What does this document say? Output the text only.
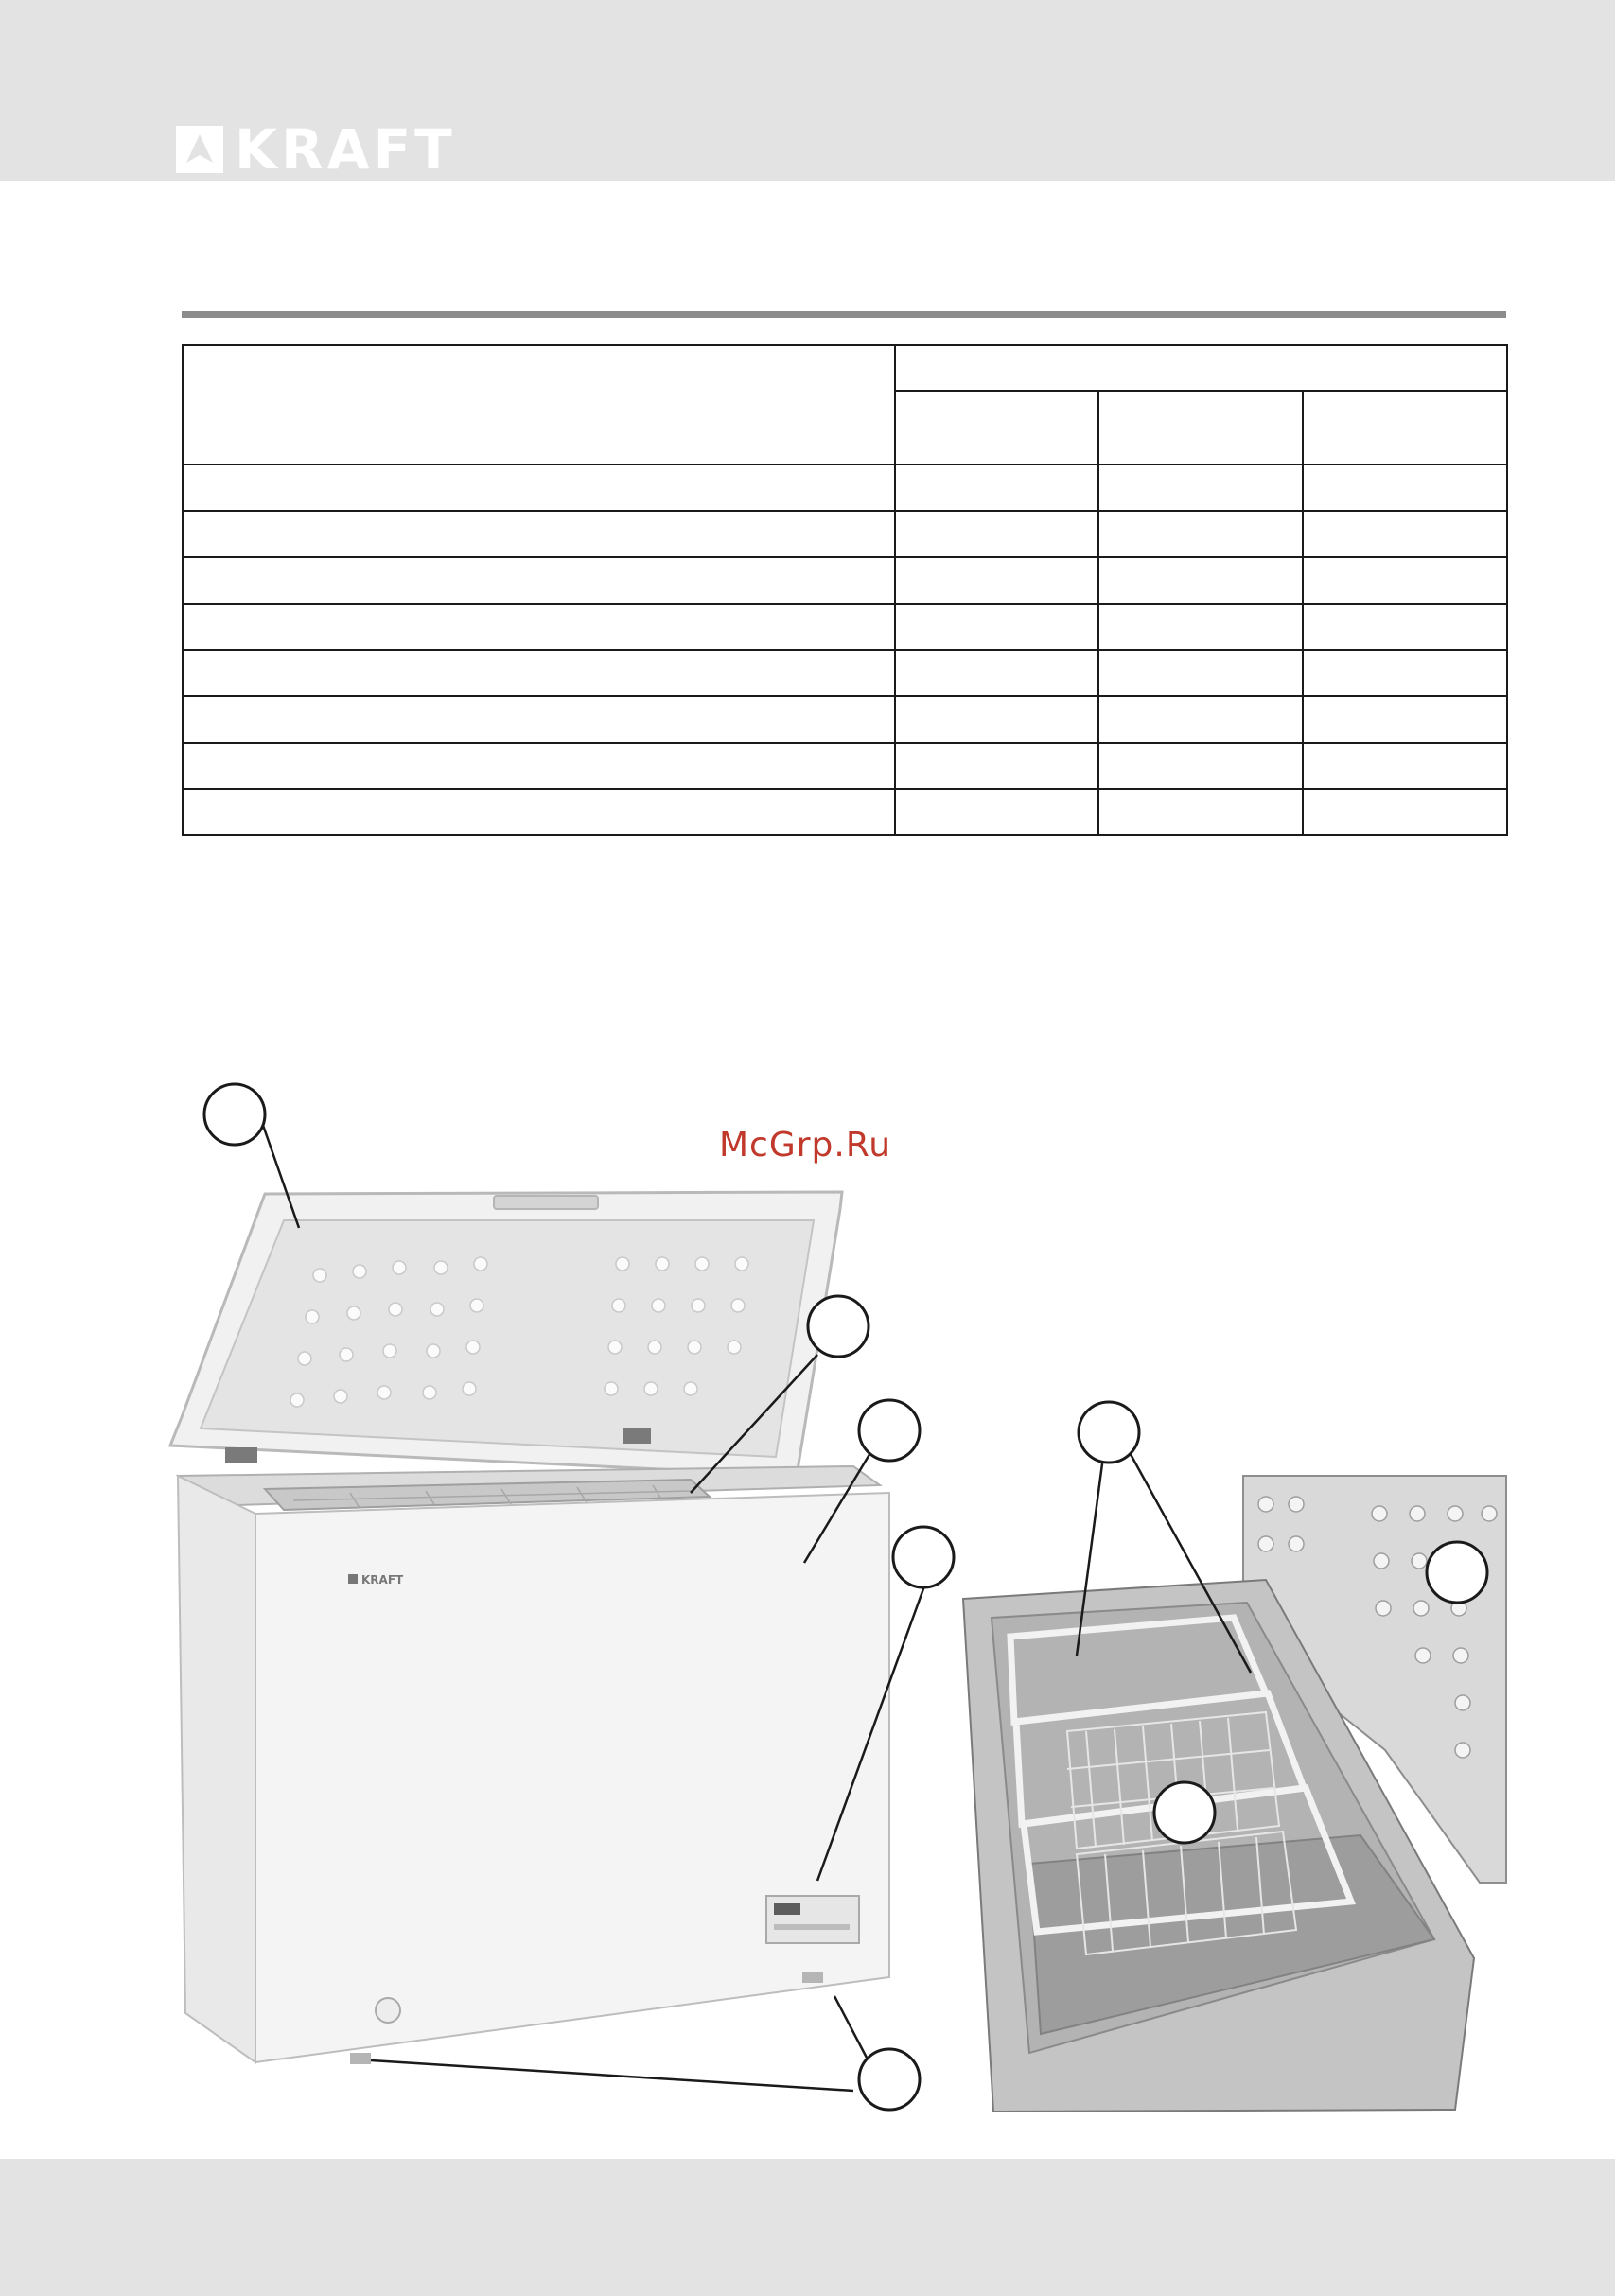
KRAFT

McGrp.Ru
KRAFT
